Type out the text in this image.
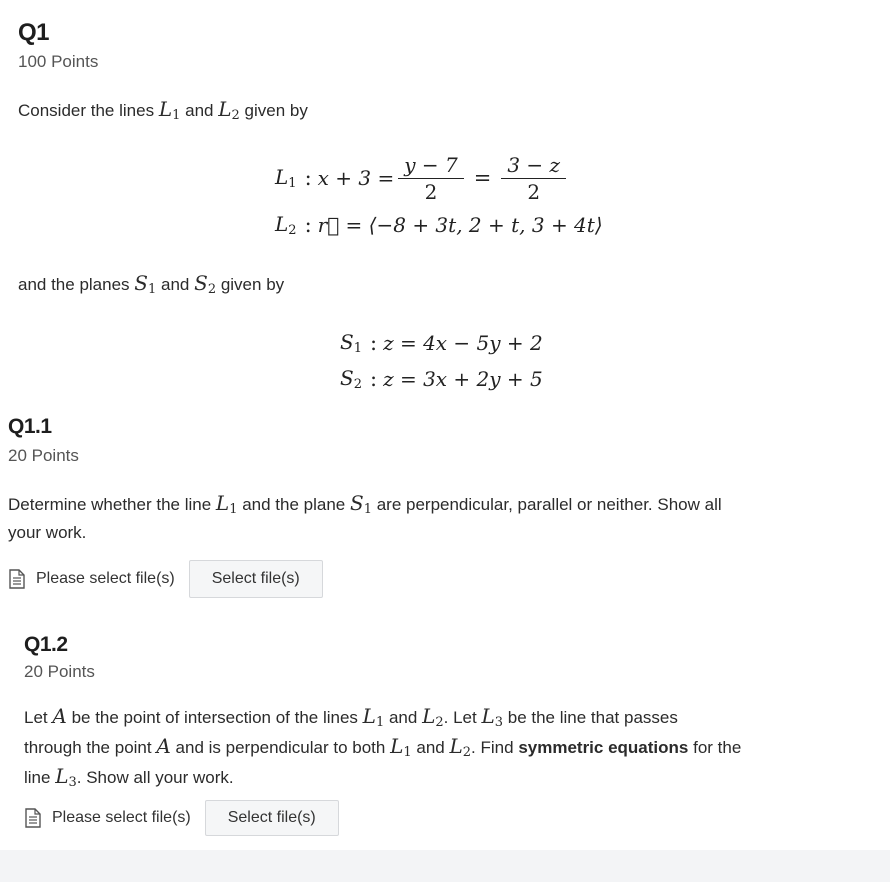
Q1
100 Points
Consider the lines $L_1$ and $L_2$ given by
$L_1$ : $x + 3 = \frac{y - 7}{2} = \frac{3 - z}{2}$
$L_2$ : r⃗ = ⟨−8 + 3t, 2 + t, 3 + 4t⟩
and the planes $S_1$ and $S_2$ given by
$S_1$ : z = 4x − 5y + 2
$S_2$ : z = 3x + 2y + 5
Q1.1
20 Points
Determine whether the line $L_1$ and the plane $S_1$ are perpendicular, parallel or neither. Show all
your work.
Please select file(s)	Select file(s)
Q1.2
20 Points
Let A be the point of intersection of the lines $L_1$ and $L_2$. Let $L_3$ be the line that passes
through the point A and is perpendicular to both $L_1$ and $L_2$. Find symmetric equations for the
line $L_3$. Show all your work.
Please select file(s)	Select file(s)
